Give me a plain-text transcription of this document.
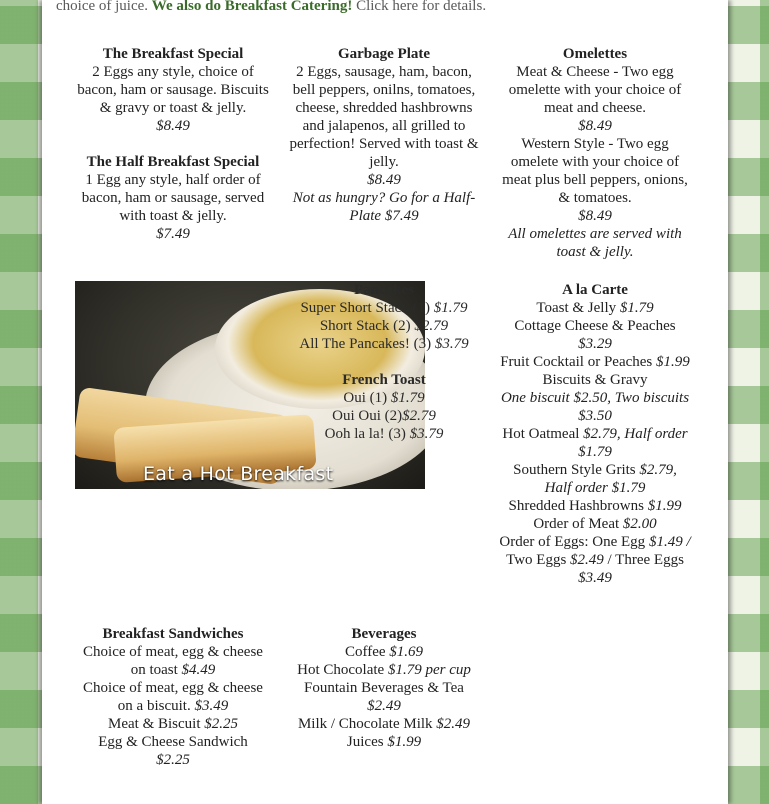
choice of juice. We also do Breakfast Catering! Click here for details.
The Breakfast Special
2 Eggs any style, choice of bacon, ham or sausage. Biscuits & gravy or toast & jelly.
$8.49
The Half Breakfast Special
1 Egg any style, half order of bacon, ham or sausage, served with toast & jelly.
$7.49
Garbage Plate
2 Eggs, sausage, ham, bacon, bell peppers, onilns, tomatoes, cheese, shredded hashbrowns and jalapenos, all grilled to perfection! Served with toast & jelly.
$8.49
Not as hungry? Go for a Half-Plate $7.49
Omelettes
Meat & Cheese - Two egg omelette with your choice of meat and cheese.
$8.49
Western Style - Two egg omelete with your choice of meat plus bell peppers, onions, & tomatoes.
$8.49
All omelettes are served with toast & jelly.
Eat a Hot Breakfast
Pancakes
Super Short Stack (1) $1.79
Short Stack (2) $2.79
All The Pancakes! (3) $3.79
French Toast
Oui (1) $1.79
Oui Oui (2)$2.79
Ooh la la! (3) $3.79
A la Carte
Toast & Jelly $1.79
Cottage Cheese & Peaches $3.29
Fruit Cocktail or Peaches $1.99
Biscuits & Gravy
One biscuit $2.50, Two biscuits $3.50
Hot Oatmeal $2.79, Half order $1.79
Southern Style Grits $2.79, Half order $1.79
Shredded Hashbrowns $1.99
Order of Meat $2.00
Order of Eggs: One Egg $1.49 / Two Eggs $2.49 / Three Eggs $3.49
Breakfast Sandwiches
Choice of meat, egg & cheese on toast $4.49
Choice of meat, egg & cheese on a biscuit. $3.49
Meat & Biscuit $2.25
Egg & Cheese Sandwich
$2.25
Beverages
Coffee $1.69
Hot Chocolate $1.79 per cup
Fountain Beverages & Tea
$2.49
Milk / Chocolate Milk $2.49
Juices $1.99
